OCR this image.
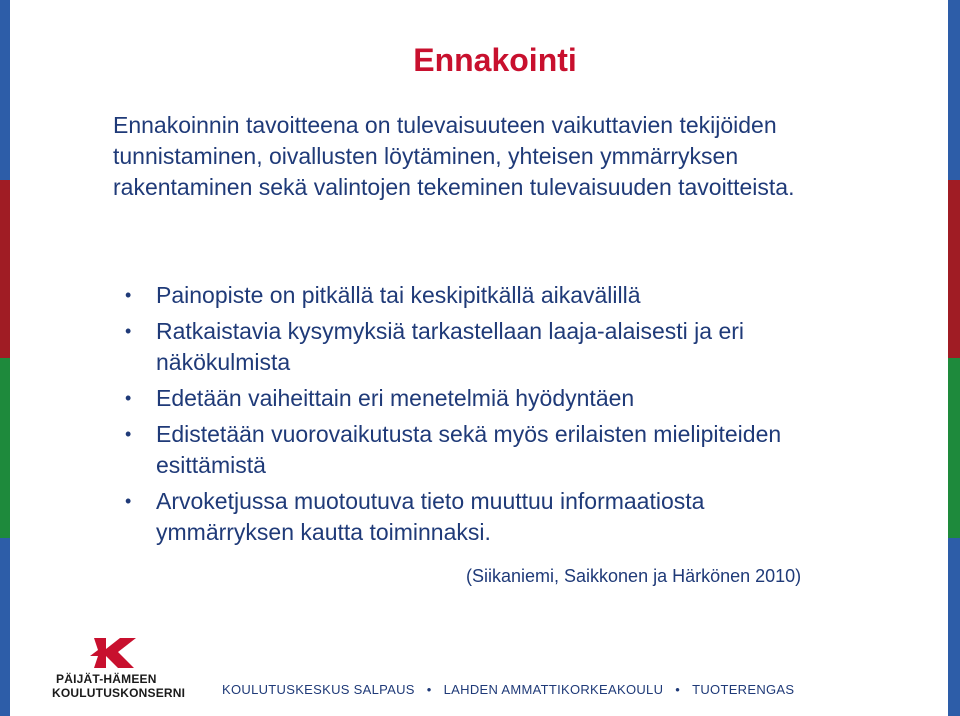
Ennakointi
Ennakoinnin tavoitteena on tulevaisuuteen vaikuttavien tekijöiden tunnistaminen, oivallusten löytäminen, yhteisen ymmärryksen rakentaminen sekä valintojen tekeminen tulevaisuuden tavoitteista.
• Painopiste on pitkällä tai keskipitkällä aikavälillä
• Ratkaistavia kysymyksiä tarkastellaan laaja-alaisesti ja eri näkökulmista
• Edetään vaiheittain eri menetelmiä hyödyntäen
• Edistetään vuorovaikutusta sekä myös erilaisten mielipiteiden esittämistä
• Arvoketjussa muotoutuva tieto muuttuu informaatiosta ymmärryksen kautta toiminnaksi.
(Siikaniemi, Saikkonen ja Härkönen 2010)
PÄIJÄT-HÄMEEN
KOULUTUSKONSERNI	KOULUTUSKESKUS SALPAUS • LAHDEN AMMATTIKORKEAKOULU • TUOTERENGAS
